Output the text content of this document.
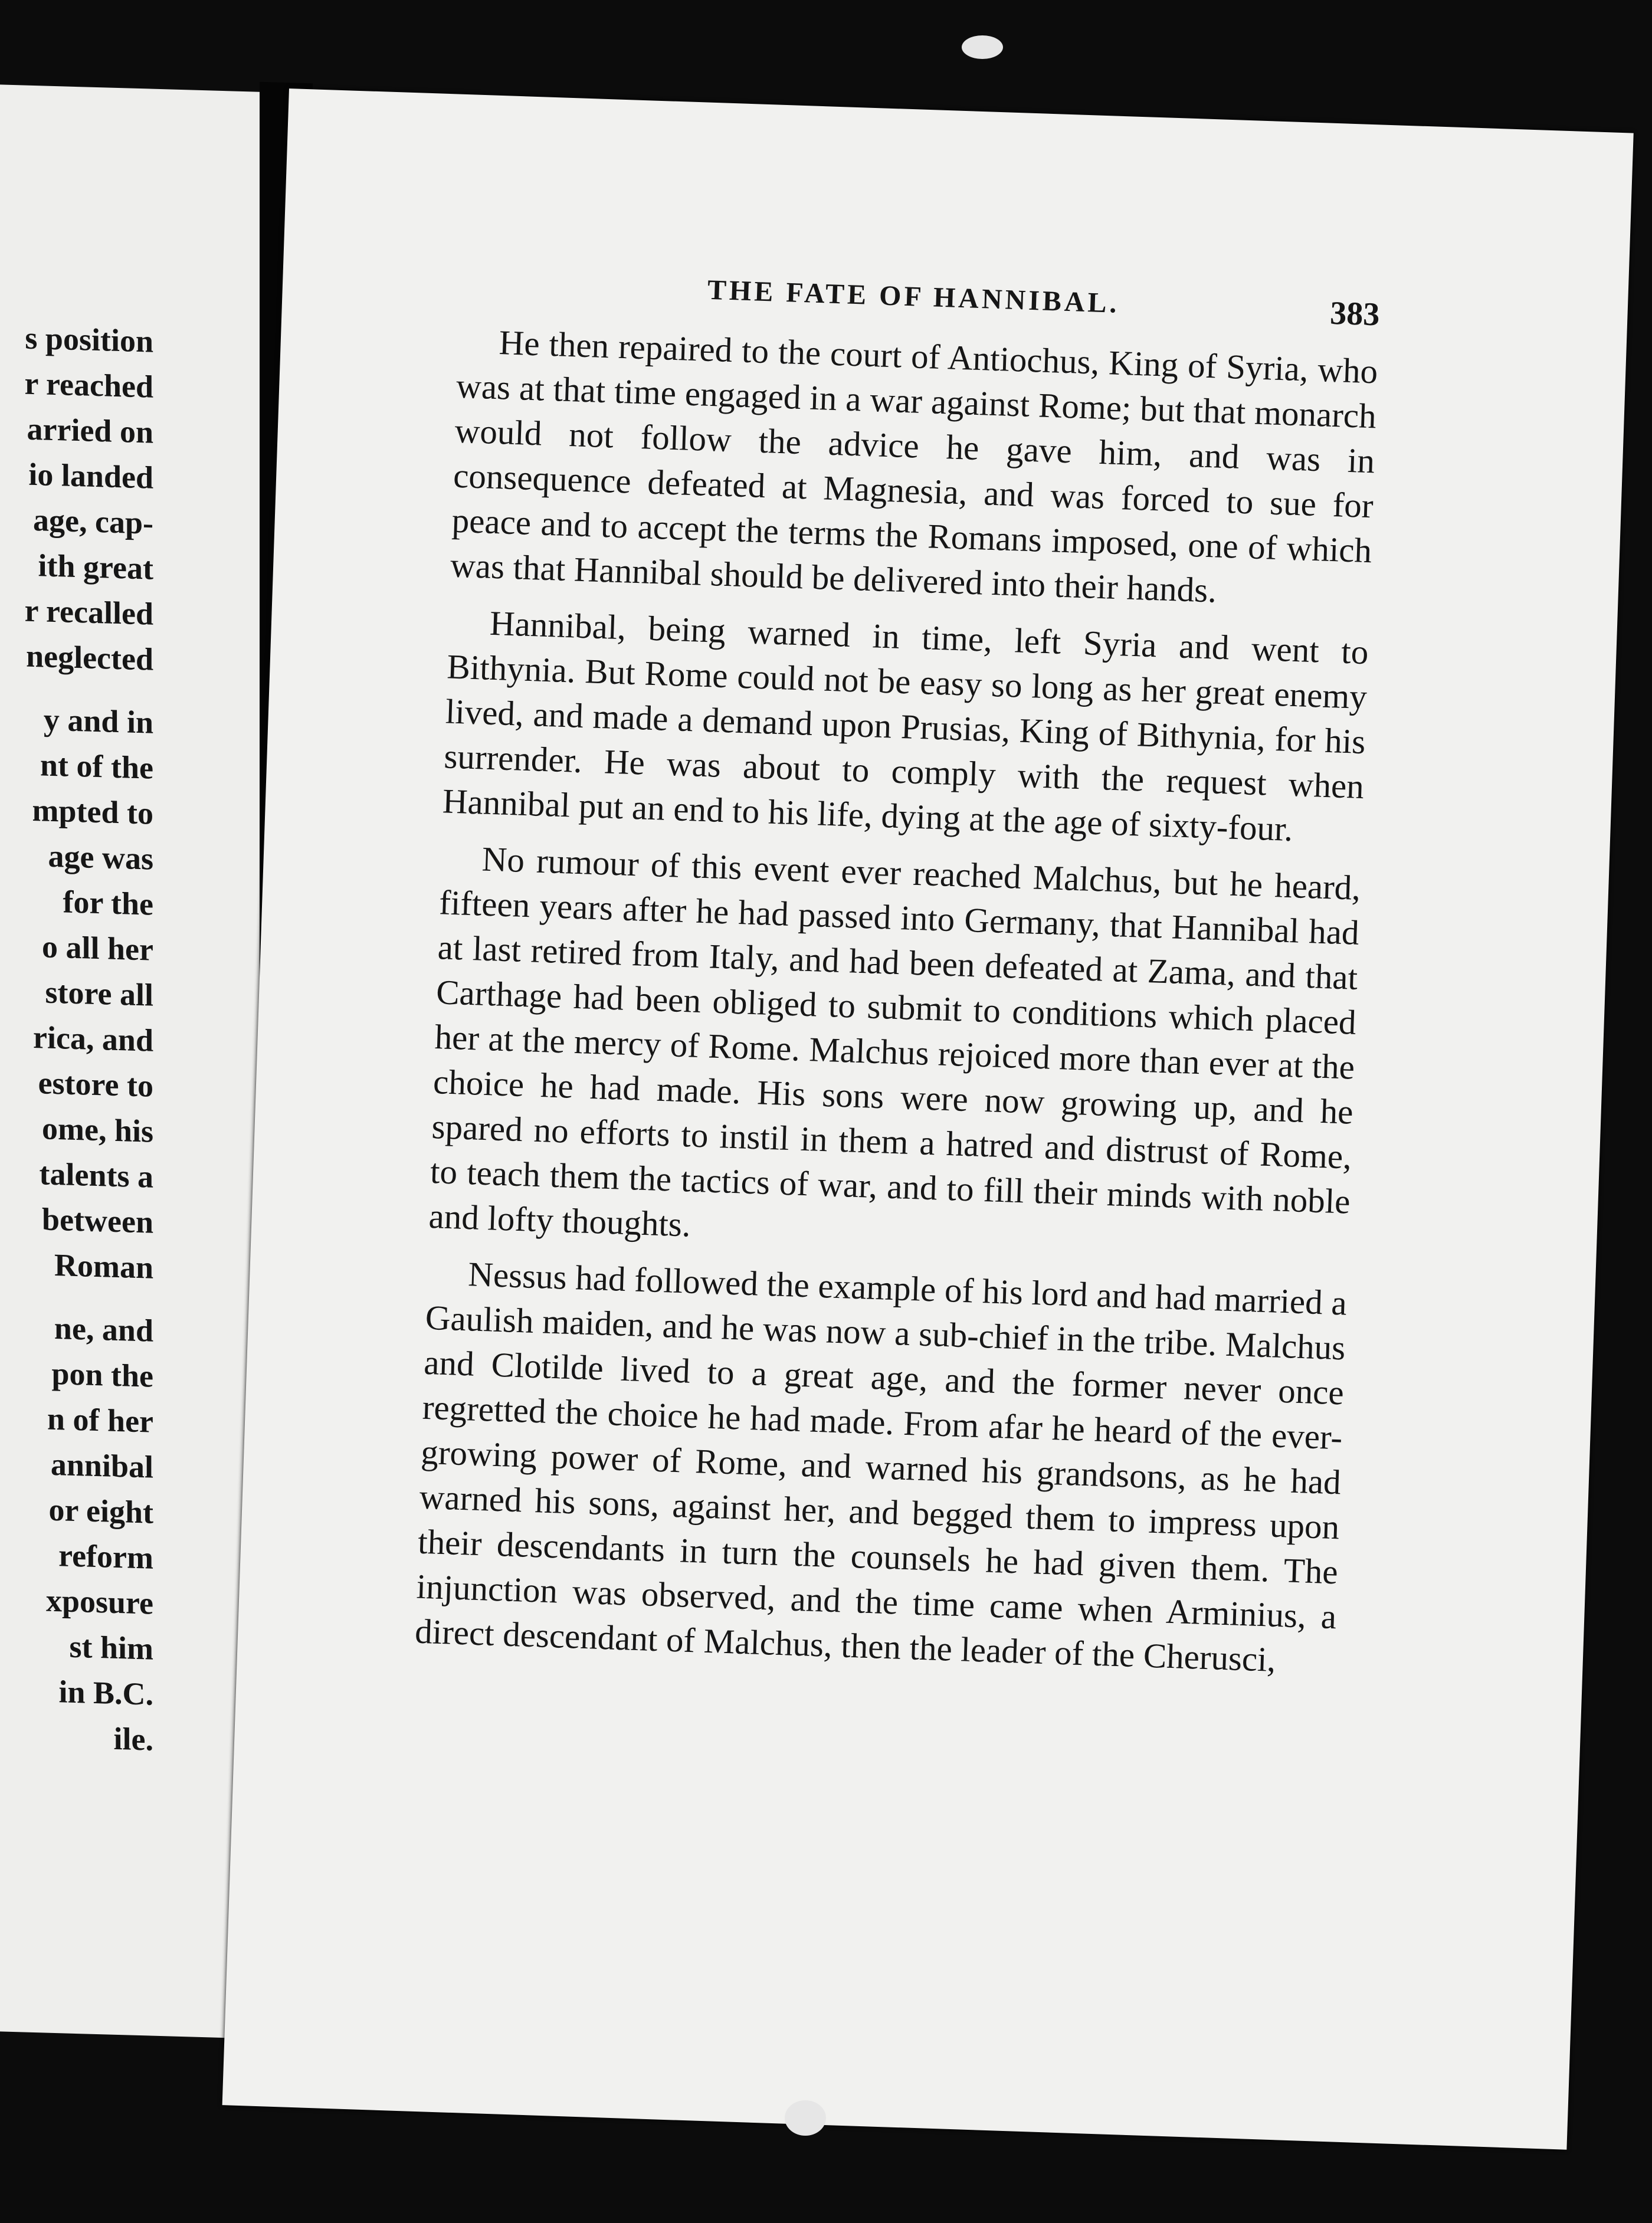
s position
r reached
arried on
io landed
age, cap-
ith great
r recalled
neglected
y and in
nt of the
mpted to
age was
for the
o all her
store all
rica, and
estore to
ome, his
talents a
between
Roman
ne, and
pon the
n of her
annibal
or eight
reform
xposure
st him
in B.C.
ile.
THE FATE OF HANNIBAL.	383

He then repaired to the court of Antiochus, King of Syria, who was at that time engaged in a war against Rome; but that monarch would not follow the advice he gave him, and was in consequence defeated at Magnesia, and was forced to sue for peace and to accept the terms the Romans imposed, one of which was that Hannibal should be delivered into their hands.

Hannibal, being warned in time, left Syria and went to Bithynia. But Rome could not be easy so long as her great enemy lived, and made a demand upon Prusias, King of Bithynia, for his surrender. He was about to comply with the request when Hannibal put an end to his life, dying at the age of sixty-four.

No rumour of this event ever reached Malchus, but he heard, fifteen years after he had passed into Germany, that Hannibal had at last retired from Italy, and had been defeated at Zama, and that Carthage had been obliged to submit to conditions which placed her at the mercy of Rome. Malchus rejoiced more than ever at the choice he had made. His sons were now growing up, and he spared no efforts to instil in them a hatred and distrust of Rome, to teach them the tactics of war, and to fill their minds with noble and lofty thoughts.

Nessus had followed the example of his lord and had married a Gaulish maiden, and he was now a sub-chief in the tribe. Malchus and Clotilde lived to a great age, and the former never once regretted the choice he had made. From afar he heard of the ever-growing power of Rome, and warned his grandsons, as he had warned his sons, against her, and begged them to impress upon their descendants in turn the counsels he had given them. The injunction was observed, and the time came when Arminius, a direct descendant of Malchus, then the leader of the Cherusci,
